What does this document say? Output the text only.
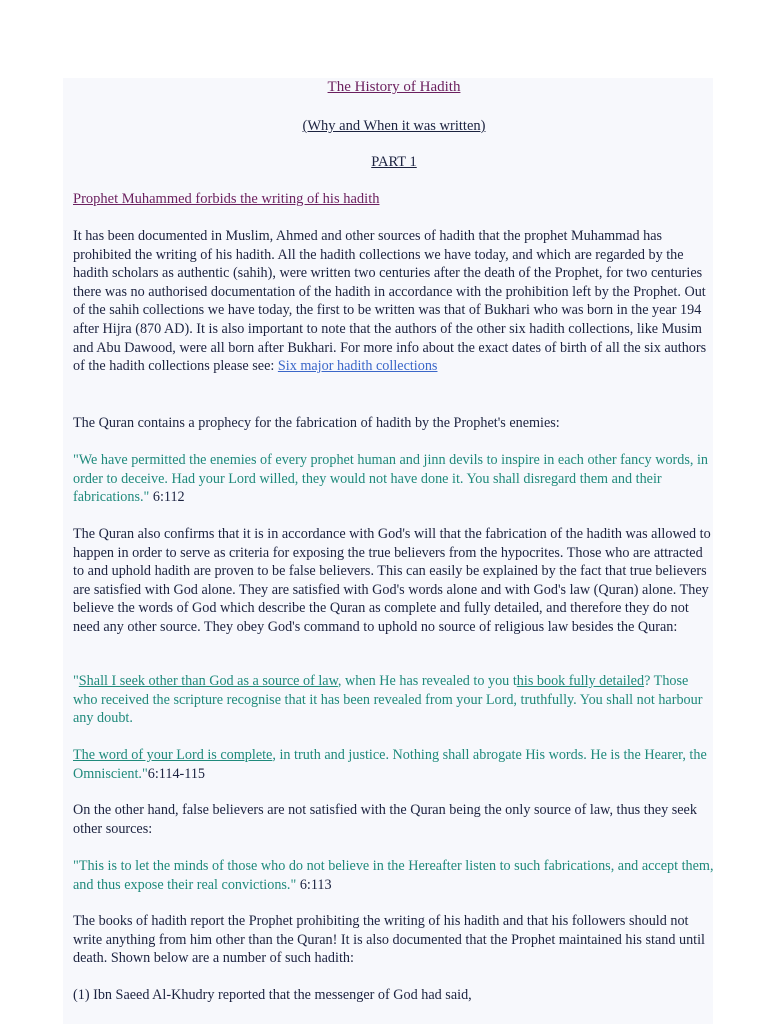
The History of Hadith
(Why and When it was written)
PART 1
Prophet Muhammed forbids the writing of his hadith

It has been documented in Muslim, Ahmed and other sources of hadith that the prophet Muhammad has prohibited the writing of his hadith. All the hadith collections we have today, and which are regarded by the hadith scholars as authentic (sahih), were written two centuries after the death of the Prophet, for two centuries there was no authorised documentation of the hadith in accordance with the prohibition left by the Prophet. Out of the sahih collections we have today, the first to be written was that of Bukhari who was born in the year 194 after Hijra (870 AD). It is also important to note that the authors of the other six hadith collections, like Musim and Abu Dawood, were all born after Bukhari. For more info about the exact dates of birth of all the six authors of the hadith collections please see: Six major hadith collections

The Quran contains a prophecy for the fabrication of hadith by the Prophet's enemies:

"We have permitted the enemies of every prophet human and jinn devils to inspire in each other fancy words, in order to deceive. Had your Lord willed, they would not have done it. You shall disregard them and their fabrications." 6:112

The Quran also confirms that it is in accordance with God's will that the fabrication of the hadith was allowed to happen in order to serve as criteria for exposing the true believers from the hypocrites. Those who are attracted to and uphold hadith are proven to be false believers. This can easily be explained by the fact that true believers are satisfied with God alone. They are satisfied with God's words alone and with God's law (Quran) alone. They believe the words of God which describe the Quran as complete and fully detailed, and therefore they do not need any other source. They obey God's command to uphold no source of religious law besides the Quran:

"Shall I seek other than God as a source of law, when He has revealed to you this book fully detailed? Those who received the scripture recognise that it has been revealed from your Lord, truthfully. You shall not harbour any doubt.

The word of your Lord is complete, in truth and justice. Nothing shall abrogate His words. He is the Hearer, the Omniscient."6:114-115

On the other hand, false believers are not satisfied with the Quran being the only source of law, thus they seek other sources:

"This is to let the minds of those who do not believe in the Hereafter listen to such fabrications, and accept them, and thus expose their real convictions." 6:113

The books of hadith report the Prophet prohibiting the writing of his hadith and that his followers should not write anything from him other than the Quran! It is also documented that the Prophet maintained his stand until death. Shown below are a number of such hadith:

(1) Ibn Saeed Al-Khudry reported that the messenger of God had said,
